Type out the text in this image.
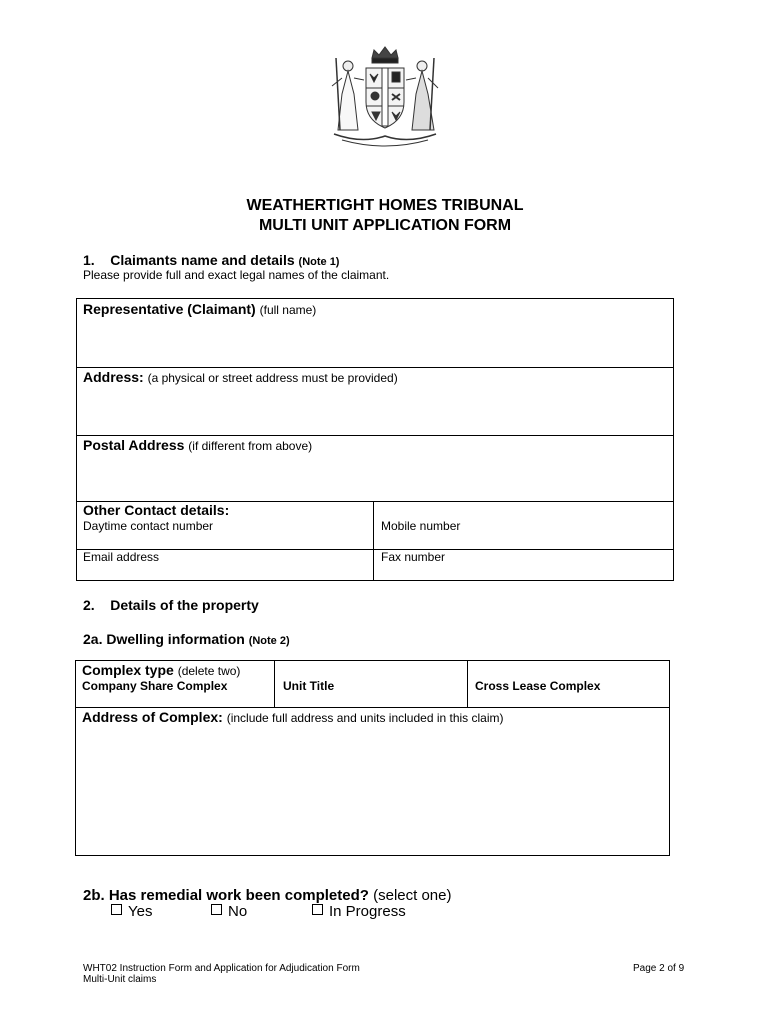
WEATHERTIGHT HOMES TRIBUNAL
MULTI UNIT APPLICATION FORM
1.    Claimants name and details (Note 1)
Please provide full and exact legal names of the claimant.
Representative (Claimant) (full name)
Address: (a physical or street address must be provided)
Postal Address (if different from above)
Other Contact details:
Daytime contact number	Mobile number
Email address	Fax number
2.    Details of the property
2a. Dwelling information (Note 2)
Complex type (delete two)
Company Share Complex	Unit Title	Cross Lease Complex
Address of Complex: (include full address and units included in this claim)
2b. Has remedial work been completed? (select one)
Yes	No	In Progress
WHT02 Instruction Form and Application for Adjudication Form
Multi-Unit claims
Page 2 of 9
